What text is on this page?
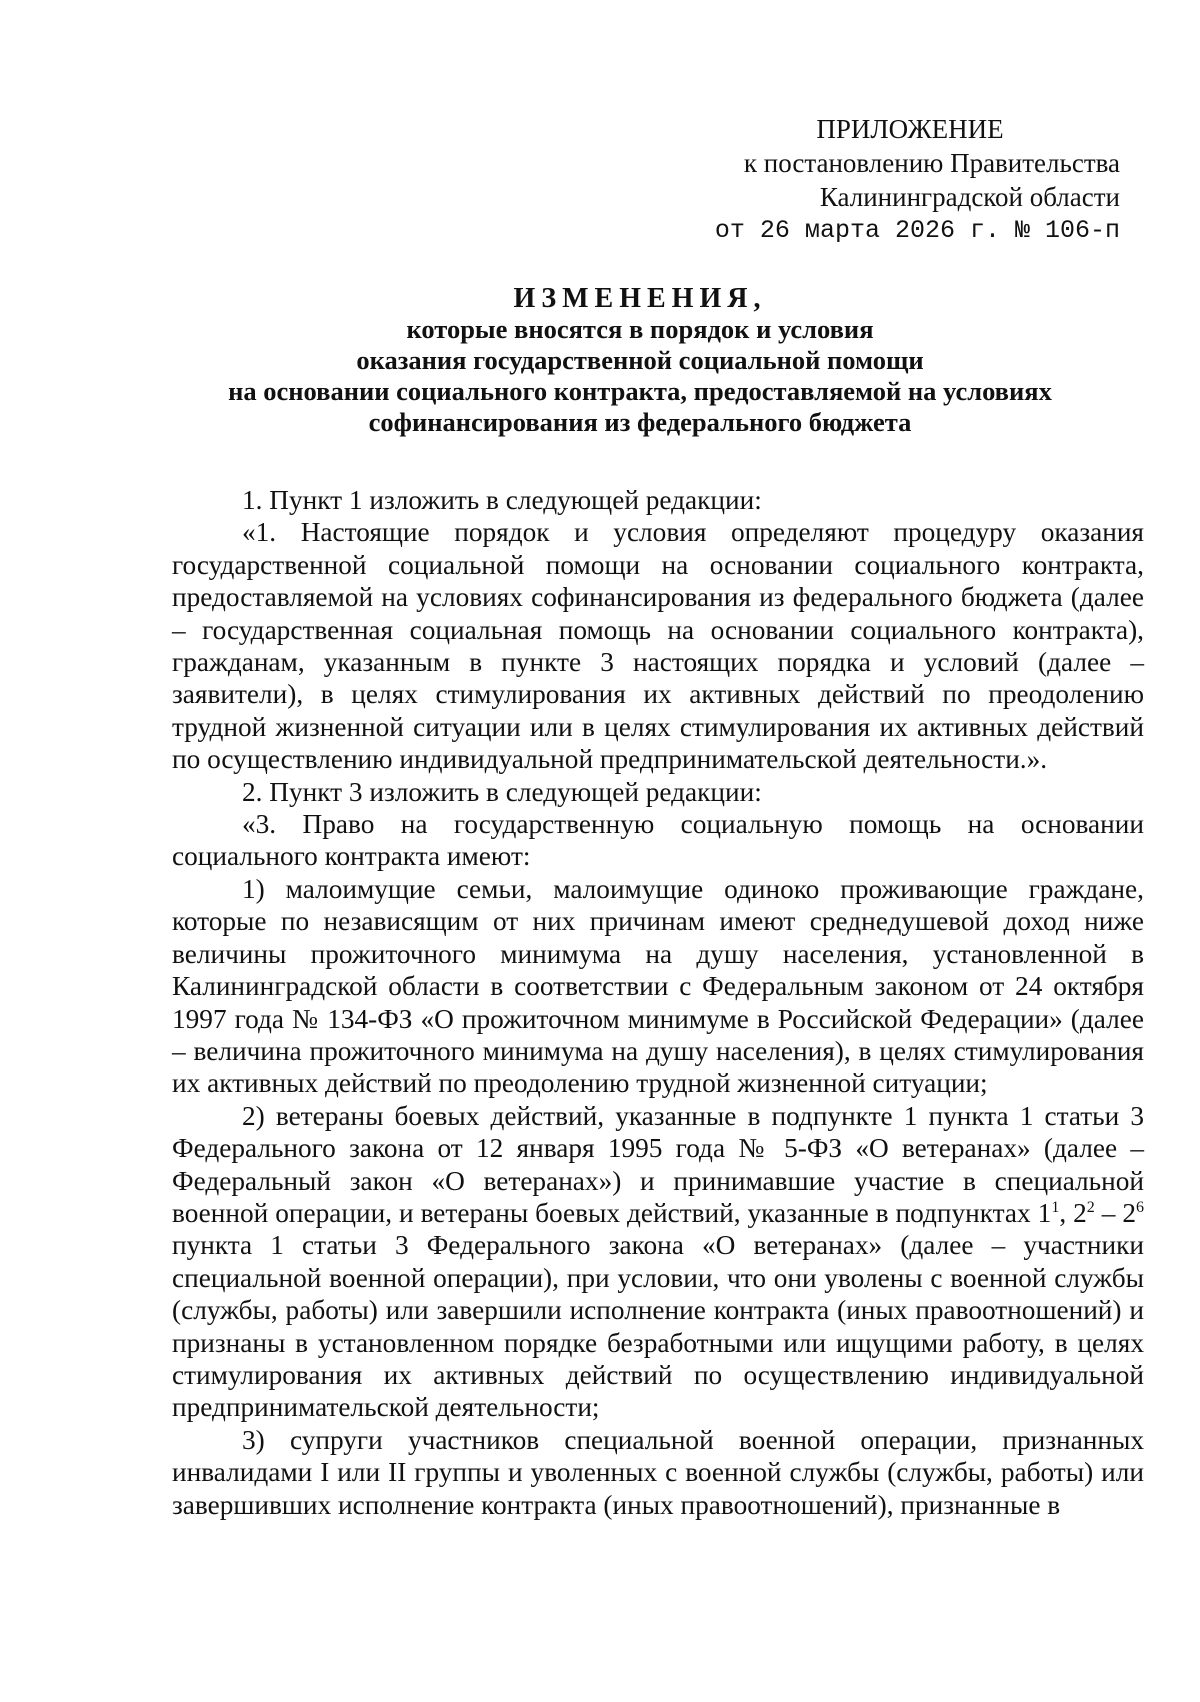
ПРИЛОЖЕНИЕ
к постановлению Правительства
Калининградской области
от 26 марта 2026 г. № 106-п
ИЗМЕНЕНИЯ,
которые вносятся в порядок и условия
оказания государственной социальной помощи
на основании социального контракта, предоставляемой на условиях
софинансирования из федерального бюджета

1. Пункт 1 изложить в следующей редакции:

«1. Настоящие порядок и условия определяют процедуру оказания государственной социальной помощи на основании социального контракта, предоставляемой на условиях софинансирования из федерального бюджета (далее – государственная социальная помощь на основании социального контракта), гражданам, указанным в пункте 3 настоящих порядка и условий (далее – заявители), в целях стимулирования их активных действий по преодолению трудной жизненной ситуации или в целях стимулирования их активных действий по осуществлению индивидуальной предпринимательской деятельности.».

2. Пункт 3 изложить в следующей редакции:

«3. Право на государственную социальную помощь на основании социального контракта имеют:

1) малоимущие семьи, малоимущие одиноко проживающие граждане, которые по независящим от них причинам имеют среднедушевой доход ниже величины прожиточного минимума на душу населения, установленной в Калининградской области в соответствии с Федеральным законом от 24 октября 1997 года № 134-ФЗ «О прожиточном минимуме в Российской Федерации» (далее – величина прожиточного минимума на душу населения), в целях стимулирования их активных действий по преодолению трудной жизненной ситуации;

2) ветераны боевых действий, указанные в подпункте 1 пункта 1 статьи 3 Федерального закона от 12 января 1995 года № 5-ФЗ «О ветеранах» (далее – Федеральный закон «О ветеранах») и принимавшие участие в специальной военной операции, и ветераны боевых действий, указанные в подпунктах $1^1$, $2^2 - 2^6$ пункта 1 статьи 3 Федерального закона «О ветеранах» (далее – участники специальной военной операции), при условии, что они уволены с военной службы (службы, работы) или завершили исполнение контракта (иных правоотношений) и признаны в установленном порядке безработными или ищущими работу, в целях стимулирования их активных действий по осуществлению индивидуальной предпринимательской деятельности;

3) супруги участников специальной военной операции, признанных инвалидами I или II группы и уволенных с военной службы (службы, работы) или завершивших исполнение контракта (иных правоотношений), признанные в
